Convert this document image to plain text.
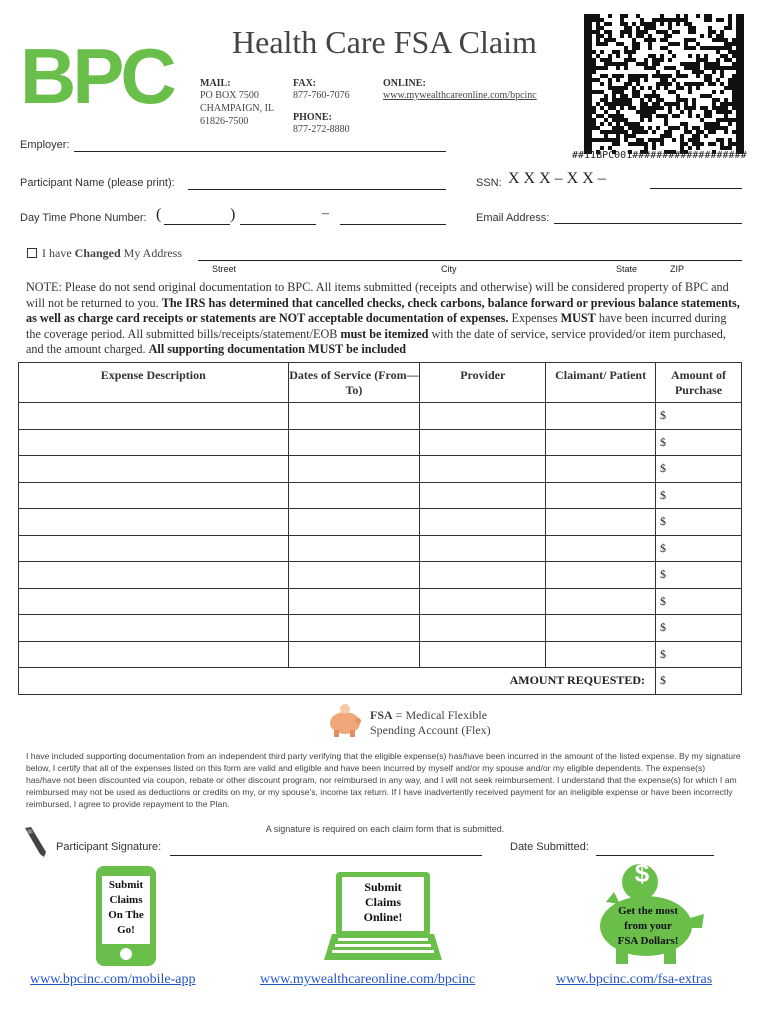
BPC Health Care FSA Claim
MAIL:
PO BOX 7500
CHAMPAIGN, IL
61826-7500
FAX:
877-760-7076
PHONE:
877-272-8880
ONLINE:
www.mywealthcareonline.com/bpcinc
##11BPC001###################
Employer:
Participant Name (please print):	SSN: X X X – X X –
Day Time Phone Number: (	)	–	Email Address:
I have Changed My Address
Street	City	State	ZIP
NOTE: Please do not send original documentation to BPC. All items submitted (receipts and otherwise) will be considered property of BPC and will not be returned to you. The IRS has determined that cancelled checks, check carbons, balance forward or previous balance statements, as well as charge card receipts or statements are NOT acceptable documentation of expenses. Expenses MUST have been incurred during the coverage period. All submitted bills/receipts/statement/EOB must be itemized with the date of service, service provided/or item purchased, and the amount charged. All supporting documentation MUST be included
Expense Description	Dates of Service (From—To)	Provider	Claimant/ Patient	Amount of Purchase
				$
				$
				$
				$
				$
				$
				$
				$
				$
				$
AMOUNT REQUESTED:				$
FSA = Medical Flexible
Spending Account (Flex)
I have included supporting documentation from an independent third party verifying that the eligible expense(s) has/have been incurred in the amount of the listed expense. By my signature below, I certify that all of the expenses listed on this form are valid and eligible and have been incurred by myself and/or my spouse and/or my eligible dependents. The expense(s) has/have not been discounted via coupon, rebate or other discount program, nor reimbursed in any way, and I will not seek reimbursement. I understand that the expense(s) for which I am reimbursed may not be used as deductions or credits on my, or my spouse's, income tax return. If I have inadvertently received payment for an ineligible expense or have been incorrectly reimbursed, I agree to provide repayment to the Plan.
A signature is required on each claim form that is submitted.
Participant Signature:	Date Submitted:
Submit
Claims
On The
Go!
Submit
Claims
Online!
$
Get the most
from your
FSA Dollars!
www.bpcinc.com/mobile-app	www.mywealthcareonline.com/bpcinc	www.bpcinc.com/fsa-extras
